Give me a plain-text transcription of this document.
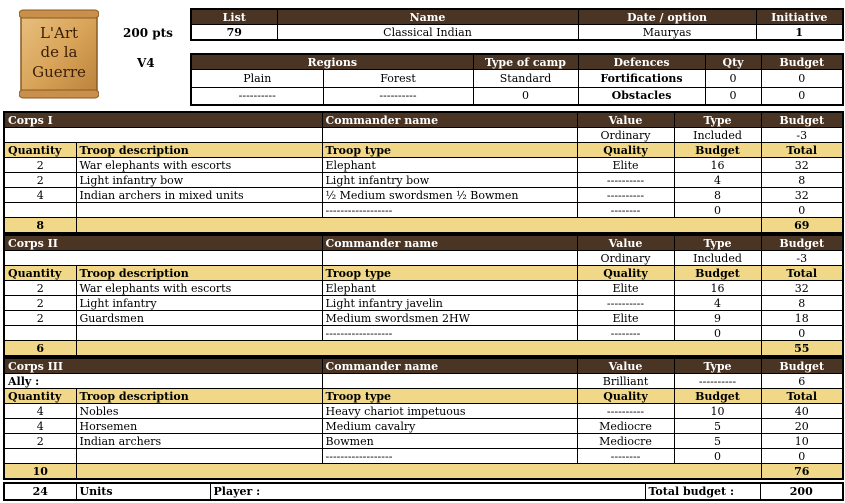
L'Art
de la
Guerre
200 pts
V4
List	Name	Date / option	Initiative
79	Classical Indian	Mauryas	1
Regions		Type of camp	Defences	Qty	Budget
Plain	Forest	Standard	Fortifications	0	0
----------	----------	0	Obstacles	0	0
Corps I		Commander name	Value	Type	Budget
			Ordinary	Included	-3
Quantity	Troop description	Troop type	Quality	Budget	Total
2	War elephants with escorts	Elephant	Elite	16	32
2	Light infantry bow	Light infantry bow	----------	4	8
4	Indian archers in mixed units	½ Medium swordsmen ½ Bowmen	----------	8	32
		------------------	--------	0	0
8					69
Corps II		Commander name	Value	Type	Budget
			Ordinary	Included	-3
Quantity	Troop description	Troop type	Quality	Budget	Total
2	War elephants with escorts	Elephant	Elite	16	32
2	Light infantry	Light infantry javelin	----------	4	8
2	Guardsmen	Medium swordsmen 2HW	Elite	9	18
		------------------	--------	0	0
6					55
Corps III		Commander name	Value	Type	Budget
Ally :			Brilliant	----------	6
Quantity	Troop description	Troop type	Quality	Budget	Total
4	Nobles	Heavy chariot impetuous	----------	10	40
4	Horsemen	Medium cavalry	Mediocre	5	20
2	Indian archers	Bowmen	Mediocre	5	10
		------------------	--------	0	0
10					76
24	Units	Player :	Total budget :	200
